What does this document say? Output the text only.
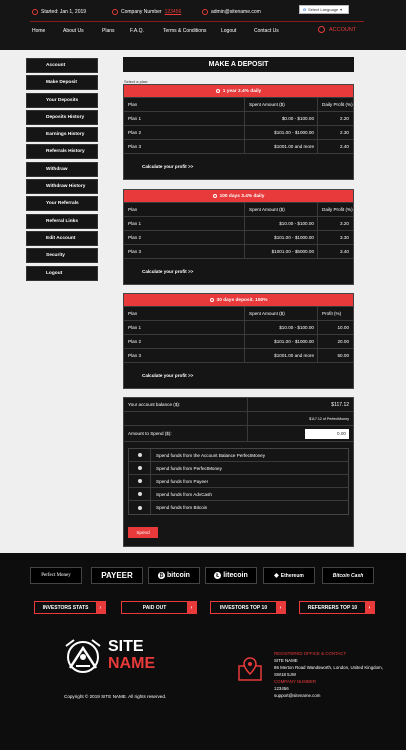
Started: Jan 1, 2019	Company Number 123456	admin@sitename.com	G Select Language ▾
Home	About Us	Plans	F.A.Q.	Terms & Conditions	Logout	Contact Us	ACCOUNT
Account
Make Deposit
Your Deposits
Deposits History
Earnings History
Referrals History
Withdraw
Withdraw History
Your Referrals
Referral Links
Edit Account
Security
Logout
MAKE A DEPOSIT
Select a plan:
1 year 2.4% daily
Plan	Spent Amount ($)	Daily Profit (%)
Plan 1	$0.00 - $100.00	2.20
Plan 2	$101.00 - $1000.00	2.30
Plan 3	$1001.00 and more	2.40
Calculate your profit >>
100 days 3.4% daily
Plan	Spent Amount ($)	Daily Profit (%)
Plan 1	$10.00 - $100.00	3.20
Plan 2	$101.00 - $1000.00	3.30
Plan 3	$1001.00 - $5000.00	3.40
Calculate your profit >>
30 days deposit. 150%
Plan	Spent Amount ($)	Profit (%)
Plan 1	$10.00 - $100.00	10.00
Plan 2	$101.00 - $1000.00	20.00
Plan 3	$1001.00 and more	50.00
Calculate your profit >>
Your account balance ($):	$117.12
$117.12 of PerfectMoney
Amount to Spend ($):
0.00
Spend funds from the Account Balance PerfectMoney
Spend funds from PerfectMoney
Spend funds from Payeer
Spend funds from AdvCash
Spend funds from Bitcoin
Spend
Perfect Money	PAYEER	₿ bitcoin	Ł litecoin	◆ Ethereum	Bitcoin Cash
INVESTORS STATS	›	PAID OUT	›	INVESTORS TOP 10	›	REFERRERS TOP 10	›
SITE
NAME
Copyright © 2019 SITE NAME. All rights reserved.
REGISTERED OFFICE & CONTACT
SITE NAME
86 Merton Road Wandsworth, London, United Kingdom,
SW18 5JW
COMPANY NUMBER
123456
support@sitename.com
